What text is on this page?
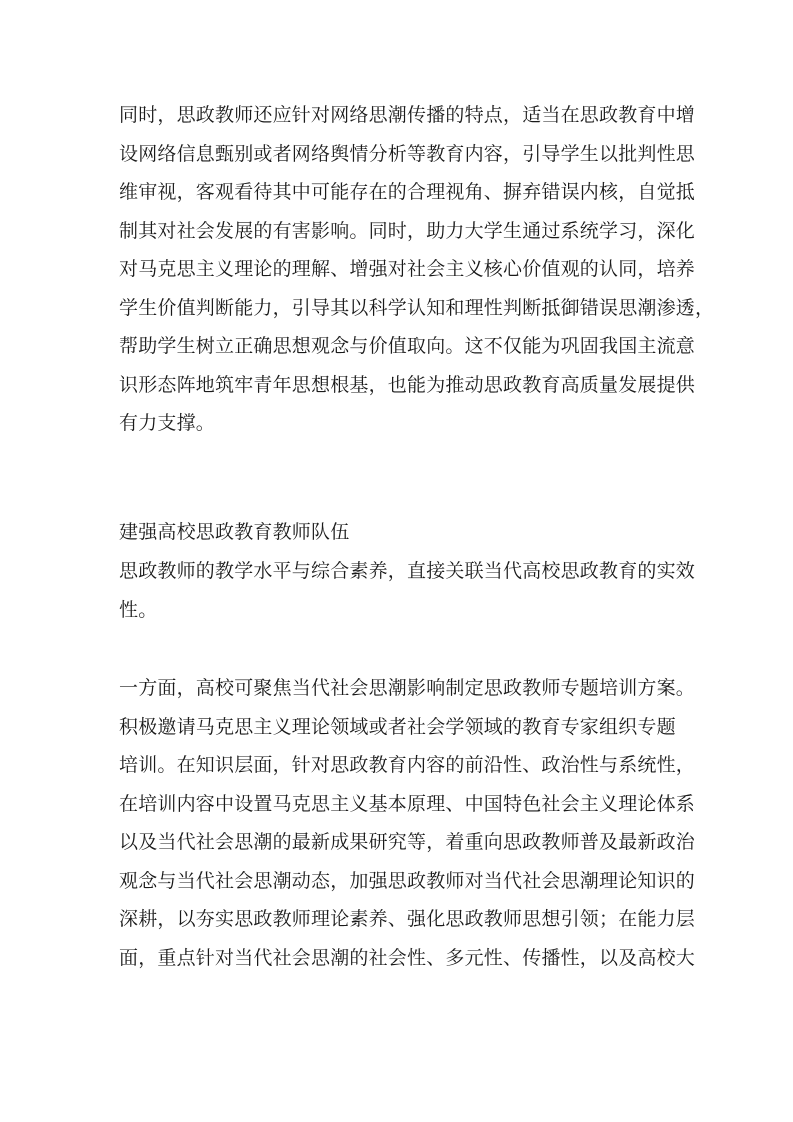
同时，思政教师还应针对网络思潮传播的特点，适当在思政教育中增
设网络信息甄别或者网络舆情分析等教育内容，引导学生以批判性思
维审视，客观看待其中可能存在的合理视角、摒弃错误内核，自觉抵
制其对社会发展的有害影响。同时，助力大学生通过系统学习，深化
对马克思主义理论的理解、增强对社会主义核心价值观的认同，培养
学生价值判断能力，引导其以科学认知和理性判断抵御错误思潮渗透，
帮助学生树立正确思想观念与价值取向。这不仅能为巩固我国主流意
识形态阵地筑牢青年思想根基，也能为推动思政教育高质量发展提供
有力支撑。
建强高校思政教育教师队伍
思政教师的教学水平与综合素养，直接关联当代高校思政教育的实效
性。
一方面，高校可聚焦当代社会思潮影响制定思政教师专题培训方案。
积极邀请马克思主义理论领域或者社会学领域的教育专家组织专题
培训。在知识层面，针对思政教育内容的前沿性、政治性与系统性，
在培训内容中设置马克思主义基本原理、中国特色社会主义理论体系
以及当代社会思潮的最新成果研究等，着重向思政教师普及最新政治
观念与当代社会思潮动态，加强思政教师对当代社会思潮理论知识的
深耕，以夯实思政教师理论素养、强化思政教师思想引领；在能力层
面，重点针对当代社会思潮的社会性、多元性、传播性，以及高校大
